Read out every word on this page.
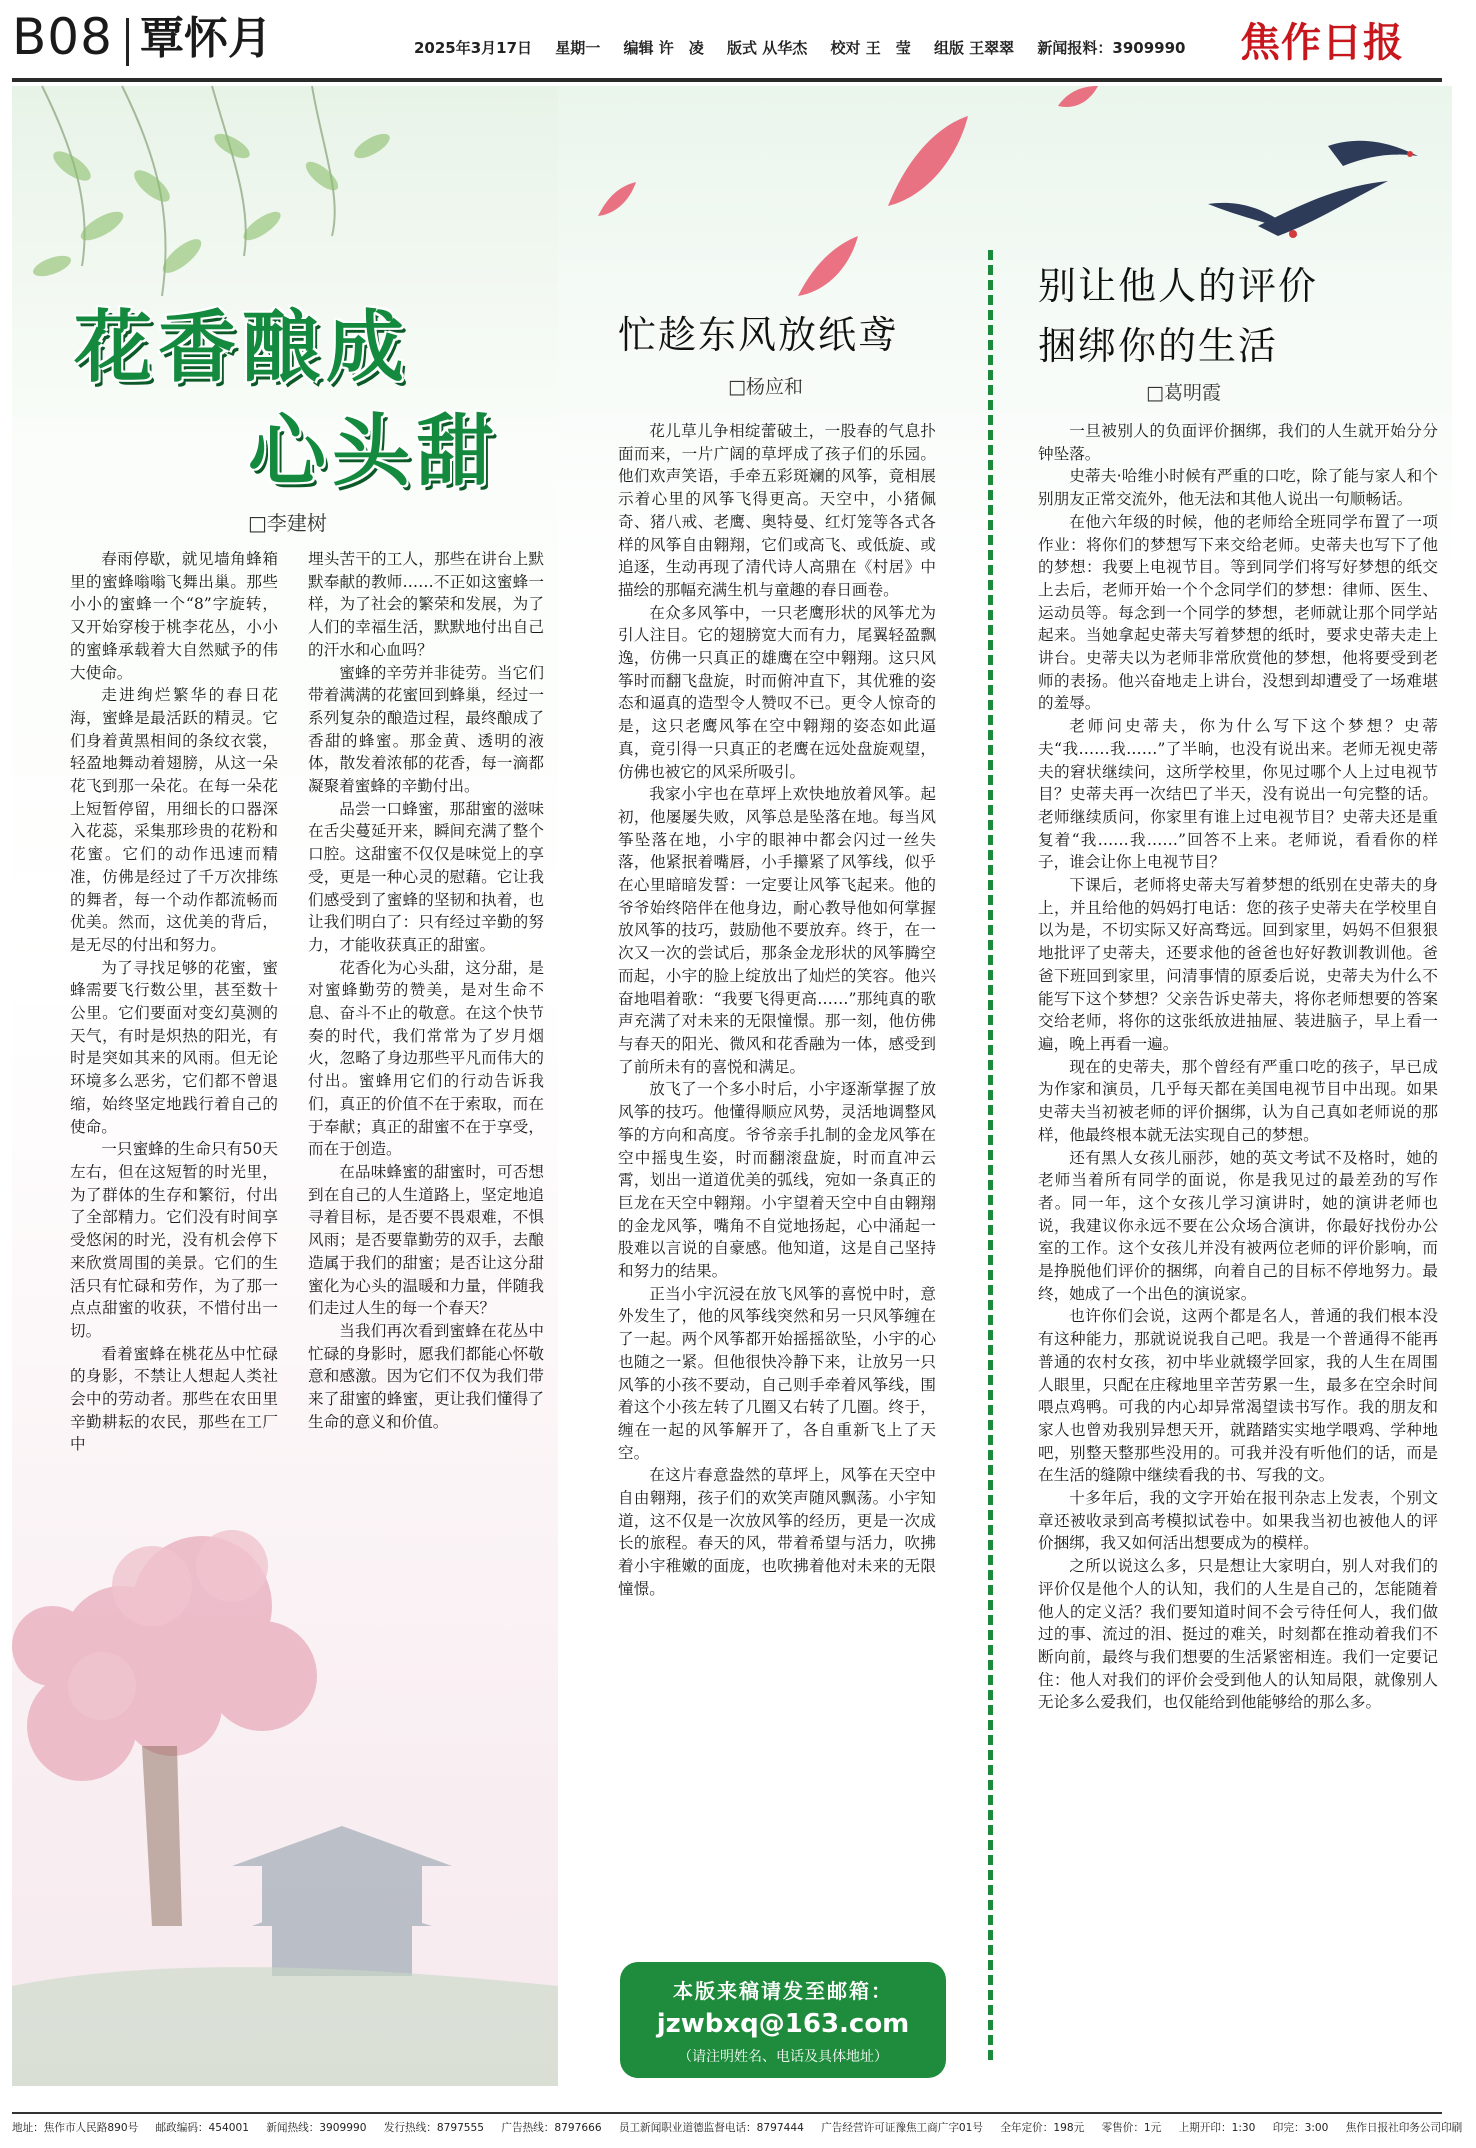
B08 覃怀月	2025年3月17日 星期一 编辑 许　凌 版式 从华杰 校对 王　莹 组版 王翠翠 新闻报料：3909990	焦作日报
花香酿成
心头甜
□李建树

春雨停歇，就见墙角蜂箱里的蜜蜂嗡嗡飞舞出巢。那些小小的蜜蜂一个“8”字旋转，又开始穿梭于桃李花丛，小小的蜜蜂承载着大自然赋予的伟大使命。

走进绚烂繁华的春日花海，蜜蜂是最活跃的精灵。它们身着黄黑相间的条纹衣裳，轻盈地舞动着翅膀，从这一朵花飞到那一朵花。在每一朵花上短暂停留，用细长的口器深入花蕊，采集那珍贵的花粉和花蜜。它们的动作迅速而精准，仿佛是经过了千万次排练的舞者，每一个动作都流畅而优美。然而，这优美的背后，是无尽的付出和努力。

为了寻找足够的花蜜，蜜蜂需要飞行数公里，甚至数十公里。它们要面对变幻莫测的天气，有时是炽热的阳光，有时是突如其来的风雨。但无论环境多么恶劣，它们都不曾退缩，始终坚定地践行着自己的使命。

一只蜜蜂的生命只有50天左右，但在这短暂的时光里，为了群体的生存和繁衍，付出了全部精力。它们没有时间享受悠闲的时光，没有机会停下来欣赏周围的美景。它们的生活只有忙碌和劳作，为了那一点点甜蜜的收获，不惜付出一切。

看着蜜蜂在桃花丛中忙碌的身影，不禁让人想起人类社会中的劳动者。那些在农田里辛勤耕耘的农民，那些在工厂中

埋头苦干的工人，那些在讲台上默默奉献的教师……不正如这蜜蜂一样，为了社会的繁荣和发展，为了人们的幸福生活，默默地付出自己的汗水和心血吗？

蜜蜂的辛劳并非徒劳。当它们带着满满的花蜜回到蜂巢，经过一系列复杂的酿造过程，最终酿成了香甜的蜂蜜。那金黄、透明的液体，散发着浓郁的花香，每一滴都凝聚着蜜蜂的辛勤付出。

品尝一口蜂蜜，那甜蜜的滋味在舌尖蔓延开来，瞬间充满了整个口腔。这甜蜜不仅仅是味觉上的享受，更是一种心灵的慰藉。它让我们感受到了蜜蜂的坚韧和执着，也让我们明白了：只有经过辛勤的努力，才能收获真正的甜蜜。

花香化为心头甜，这分甜，是对蜜蜂勤劳的赞美，是对生命不息、奋斗不止的敬意。在这个快节奏的时代，我们常常为了岁月烟火，忽略了身边那些平凡而伟大的付出。蜜蜂用它们的行动告诉我们，真正的价值不在于索取，而在于奉献；真正的甜蜜不在于享受，而在于创造。

在品味蜂蜜的甜蜜时，可否想到在自己的人生道路上，坚定地追寻着目标，是否要不畏艰难，不惧风雨；是否要靠勤劳的双手，去酿造属于我们的甜蜜；是否让这分甜蜜化为心头的温暖和力量，伴随我们走过人生的每一个春天？

当我们再次看到蜜蜂在花丛中忙碌的身影时，愿我们都能心怀敬意和感激。因为它们不仅为我们带来了甜蜜的蜂蜜，更让我们懂得了生命的意义和价值。

忙趁东风放纸鸢
□杨应和

花儿草儿争相绽蕾破土，一股春的气息扑面而来，一片广阔的草坪成了孩子们的乐园。他们欢声笑语，手牵五彩斑斓的风筝，竟相展示着心里的风筝飞得更高。天空中，小猪佩奇、猪八戒、老鹰、奥特曼、红灯笼等各式各样的风筝自由翱翔，它们或高飞、或低旋、或追逐，生动再现了清代诗人高鼎在《村居》中描绘的那幅充满生机与童趣的春日画卷。

在众多风筝中，一只老鹰形状的风筝尤为引人注目。它的翅膀宽大而有力，尾翼轻盈飘逸，仿佛一只真正的雄鹰在空中翱翔。这只风筝时而翻飞盘旋，时而俯冲直下，其优雅的姿态和逼真的造型令人赞叹不已。更令人惊奇的是，这只老鹰风筝在空中翱翔的姿态如此逼真，竟引得一只真正的老鹰在远处盘旋观望，仿佛也被它的风采所吸引。

我家小宇也在草坪上欢快地放着风筝。起初，他屡屡失败，风筝总是坠落在地。每当风筝坠落在地，小宇的眼神中都会闪过一丝失落，他紧抿着嘴唇，小手攥紧了风筝线，似乎在心里暗暗发誓：一定要让风筝飞起来。他的爷爷始终陪伴在他身边，耐心教导他如何掌握放风筝的技巧，鼓励他不要放弃。终于，在一次又一次的尝试后，那条金龙形状的风筝腾空而起，小宇的脸上绽放出了灿烂的笑容。他兴奋地唱着歌：“我要飞得更高……”那纯真的歌声充满了对未来的无限憧憬。那一刻，他仿佛与春天的阳光、微风和花香融为一体，感受到了前所未有的喜悦和满足。

放飞了一个多小时后，小宇逐渐掌握了放风筝的技巧。他懂得顺应风势，灵活地调整风筝的方向和高度。爷爷亲手扎制的金龙风筝在空中摇曳生姿，时而翻滚盘旋，时而直冲云霄，划出一道道优美的弧线，宛如一条真正的巨龙在天空中翱翔。小宇望着天空中自由翱翔的金龙风筝，嘴角不自觉地扬起，心中涌起一股难以言说的自豪感。他知道，这是自己坚持和努力的结果。

正当小宇沉浸在放飞风筝的喜悦中时，意外发生了，他的风筝线突然和另一只风筝缠在了一起。两个风筝都开始摇摇欲坠，小宇的心也随之一紧。但他很快冷静下来，让放另一只风筝的小孩不要动，自己则手牵着风筝线，围着这个小孩左转了几圈又右转了几圈。终于，缠在一起的风筝解开了，各自重新飞上了天空。

在这片春意盎然的草坪上，风筝在天空中自由翱翔，孩子们的欢笑声随风飘荡。小宇知道，这不仅是一次放风筝的经历，更是一次成长的旅程。春天的风，带着希望与活力，吹拂着小宇稚嫩的面庞，也吹拂着他对未来的无限憧憬。

本版来稿请发至邮箱：
jzwbxq@163.com
（请注明姓名、电话及具体地址）
别让他人的评价
捆绑你的生活
□葛明霞

一旦被别人的负面评价捆绑，我们的人生就开始分分钟坠落。

史蒂夫·哈维小时候有严重的口吃，除了能与家人和个别朋友正常交流外，他无法和其他人说出一句顺畅话。

在他六年级的时候，他的老师给全班同学布置了一项作业：将你们的梦想写下来交给老师。史蒂夫也写下了他的梦想：我要上电视节目。等到同学们将写好梦想的纸交上去后，老师开始一个个念同学们的梦想：律师、医生、运动员等。每念到一个同学的梦想，老师就让那个同学站起来。当她拿起史蒂夫写着梦想的纸时，要求史蒂夫走上讲台。史蒂夫以为老师非常欣赏他的梦想，他将要受到老师的表扬。他兴奋地走上讲台，没想到却遭受了一场难堪的羞辱。

老师问史蒂夫，你为什么写下这个梦想？史蒂夫“我……我……”了半晌，也没有说出来。老师无视史蒂夫的窘状继续问，这所学校里，你见过哪个人上过电视节目？史蒂夫再一次结巴了半天，没有说出一句完整的话。老师继续质问，你家里有谁上过电视节目？史蒂夫还是重复着“我……我……”回答不上来。老师说，看看你的样子，谁会让你上电视节目？

下课后，老师将史蒂夫写着梦想的纸别在史蒂夫的身上，并且给他的妈妈打电话：您的孩子史蒂夫在学校里自以为是，不切实际又好高骛远。回到家里，妈妈不但狠狠地批评了史蒂夫，还要求他的爸爸也好好教训教训他。爸爸下班回到家里，问清事情的原委后说，史蒂夫为什么不能写下这个梦想？父亲告诉史蒂夫，将你老师想要的答案交给老师，将你的这张纸放进抽屉、装进脑子，早上看一遍，晚上再看一遍。

现在的史蒂夫，那个曾经有严重口吃的孩子，早已成为作家和演员，几乎每天都在美国电视节目中出现。如果史蒂夫当初被老师的评价捆绑，认为自己真如老师说的那样，他最终根本就无法实现自己的梦想。

还有黑人女孩儿丽莎，她的英文考试不及格时，她的老师当着所有同学的面说，你是我见过的最差劲的写作者。同一年，这个女孩儿学习演讲时，她的演讲老师也说，我建议你永远不要在公众场合演讲，你最好找份办公室的工作。这个女孩儿并没有被两位老师的评价影响，而是挣脱他们评价的捆绑，向着自己的目标不停地努力。最终，她成了一个出色的演说家。

也许你们会说，这两个都是名人，普通的我们根本没有这种能力，那就说说我自己吧。我是一个普通得不能再普通的农村女孩，初中毕业就辍学回家，我的人生在周围人眼里，只配在庄稼地里辛苦劳累一生，最多在空余时间喂点鸡鸭。可我的内心却异常渴望读书写作。我的朋友和家人也曾劝我别异想天开，就踏踏实实地学喂鸡、学种地吧，别整天整那些没用的。可我并没有听他们的话，而是在生活的缝隙中继续看我的书、写我的文。

十多年后，我的文字开始在报刊杂志上发表，个别文章还被收录到高考模拟试卷中。如果我当初也被他人的评价捆绑，我又如何活出想要成为的模样。

之所以说这么多，只是想让大家明白，别人对我们的评价仅是他个人的认知，我们的人生是自己的，怎能随着他人的定义活？我们要知道时间不会亏待任何人，我们做过的事、流过的泪、挺过的难关，时刻都在推动着我们不断向前，最终与我们想要的生活紧密相连。我们一定要记住：他人对我们的评价会受到他人的认知局限，就像别人无论多么爱我们，也仅能给到他能够给的那么多。

地址：焦作市人民路890号 邮政编码：454001 新闻热线：3909990 发行热线：8797555 广告热线：8797666 员工新闻职业道德监督电话：8797444 广告经营许可证豫焦工商广字01号 全年定价：198元 零售价：1元 上期开印：1:30 印完：3:00 焦作日报社印务公司印刷
